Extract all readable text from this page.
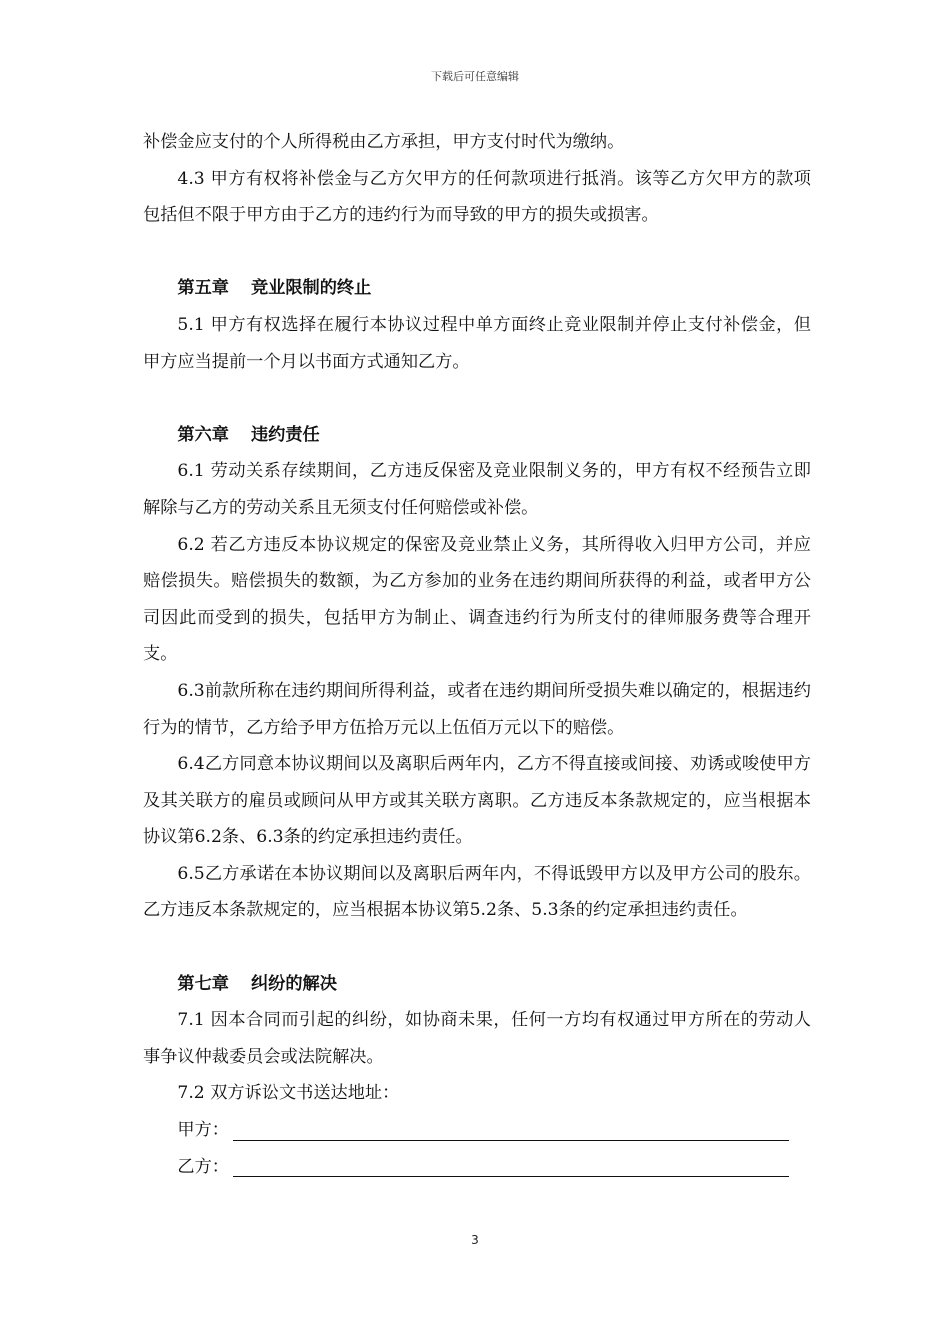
下载后可任意编辑

补偿金应支付的个人所得税由乙方承担，甲方支付时代为缴纳。

4.3 甲方有权将补偿金与乙方欠甲方的任何款项进行抵消。该等乙方欠甲方的款项包括但不限于甲方由于乙方的违约行为而导致的甲方的损失或损害。

第五章 竞业限制的终止

5.1 甲方有权选择在履行本协议过程中单方面终止竞业限制并停止支付补偿金，但甲方应当提前一个月以书面方式通知乙方。

第六章 违约责任

6.1 劳动关系存续期间，乙方违反保密及竞业限制义务的，甲方有权不经预告立即解除与乙方的劳动关系且无须支付任何赔偿或补偿。

6.2 若乙方违反本协议规定的保密及竞业禁止义务，其所得收入归甲方公司，并应赔偿损失。赔偿损失的数额，为乙方参加的业务在违约期间所获得的利益，或者甲方公司因此而受到的损失，包括甲方为制止、调查违约行为所支付的律师服务费等合理开支。

6.3前款所称在违约期间所得利益，或者在违约期间所受损失难以确定的，根据违约行为的情节，乙方给予甲方伍拾万元以上伍佰万元以下的赔偿。

6.4乙方同意本协议期间以及离职后两年内，乙方不得直接或间接、劝诱或唆使甲方及其关联方的雇员或顾问从甲方或其关联方离职。乙方违反本条款规定的，应当根据本协议第6.2条、6.3条的约定承担违约责任。

6.5乙方承诺在本协议期间以及离职后两年内，不得诋毁甲方以及甲方公司的股东。乙方违反本条款规定的，应当根据本协议第5.2条、5.3条的约定承担违约责任。

第七章 纠纷的解决

7.1 因本合同而引起的纠纷，如协商未果，任何一方均有权通过甲方所在的劳动人事争议仲裁委员会或法院解决。

7.2 双方诉讼文书送达地址：

甲方：
乙方：
3
